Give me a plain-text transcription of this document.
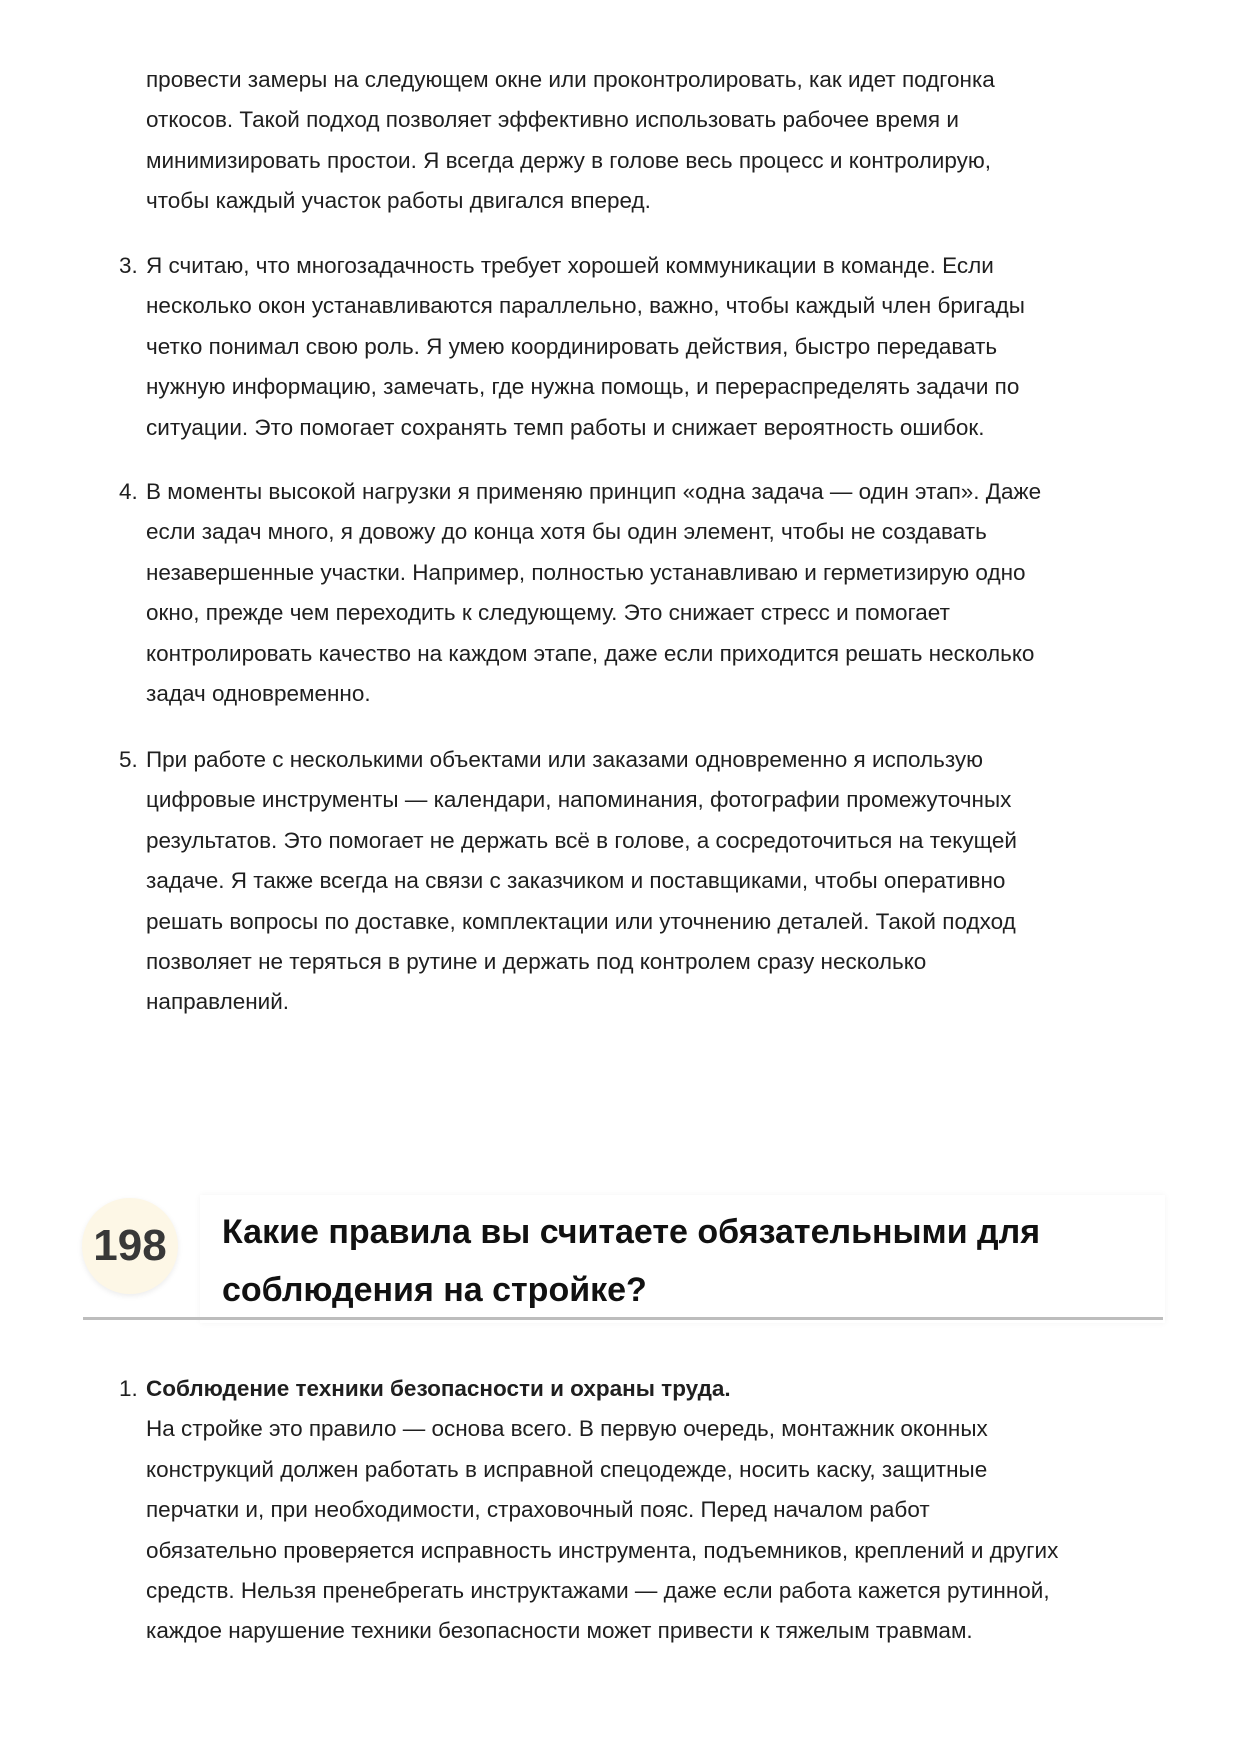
провести замеры на следующем окне или проконтролировать, как идет подгонка
откосов. Такой подход позволяет эффективно использовать рабочее время и
минимизировать простои. Я всегда держу в голове весь процесс и контролирую,
чтобы каждый участок работы двигался вперед.
3. Я считаю, что многозадачность требует хорошей коммуникации в команде. Если
несколько окон устанавливаются параллельно, важно, чтобы каждый член бригады
четко понимал свою роль. Я умею координировать действия, быстро передавать
нужную информацию, замечать, где нужна помощь, и перераспределять задачи по
ситуации. Это помогает сохранять темп работы и снижает вероятность ошибок.
4. В моменты высокой нагрузки я применяю принцип «одна задача — один этап». Даже
если задач много, я довожу до конца хотя бы один элемент, чтобы не создавать
незавершенные участки. Например, полностью устанавливаю и герметизирую одно
окно, прежде чем переходить к следующему. Это снижает стресс и помогает
контролировать качество на каждом этапе, даже если приходится решать несколько
задач одновременно.
5. При работе с несколькими объектами или заказами одновременно я использую
цифровые инструменты — календари, напоминания, фотографии промежуточных
результатов. Это помогает не держать всё в голове, а сосредоточиться на текущей
задаче. Я также всегда на связи с заказчиком и поставщиками, чтобы оперативно
решать вопросы по доставке, комплектации или уточнению деталей. Такой подход
позволяет не теряться в рутине и держать под контролем сразу несколько
направлений.
198	Какие правила вы считаете обязательными для
соблюдения на стройке?
1. Соблюдение техники безопасности и охраны труда.
На стройке это правило — основа всего. В первую очередь, монтажник оконных
конструкций должен работать в исправной спецодежде, носить каску, защитные
перчатки и, при необходимости, страховочный пояс. Перед началом работ
обязательно проверяется исправность инструмента, подъемников, креплений и других
средств. Нельзя пренебрегать инструктажами — даже если работа кажется рутинной,
каждое нарушение техники безопасности может привести к тяжелым травмам.
